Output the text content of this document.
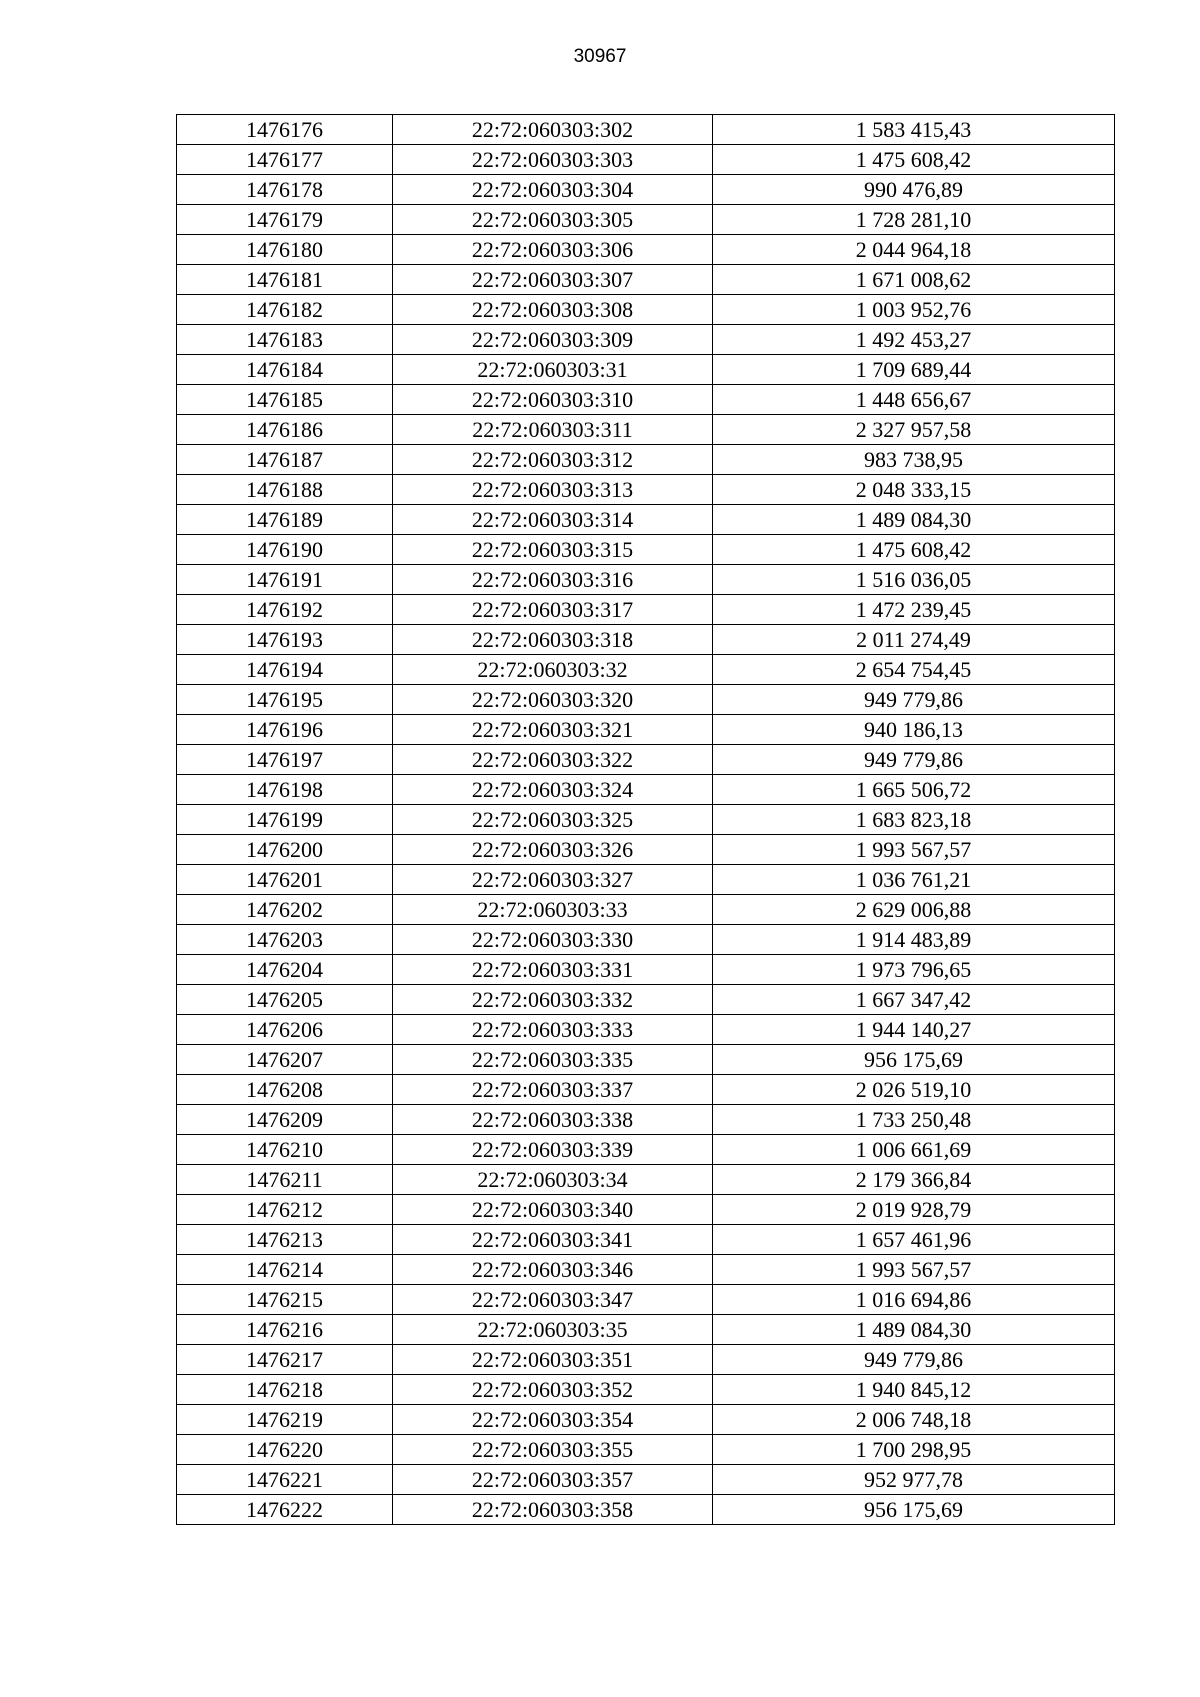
30967
1476176	22:72:060303:302	1 583 415,43
1476177	22:72:060303:303	1 475 608,42
1476178	22:72:060303:304	990 476,89
1476179	22:72:060303:305	1 728 281,10
1476180	22:72:060303:306	2 044 964,18
1476181	22:72:060303:307	1 671 008,62
1476182	22:72:060303:308	1 003 952,76
1476183	22:72:060303:309	1 492 453,27
1476184	22:72:060303:31	1 709 689,44
1476185	22:72:060303:310	1 448 656,67
1476186	22:72:060303:311	2 327 957,58
1476187	22:72:060303:312	983 738,95
1476188	22:72:060303:313	2 048 333,15
1476189	22:72:060303:314	1 489 084,30
1476190	22:72:060303:315	1 475 608,42
1476191	22:72:060303:316	1 516 036,05
1476192	22:72:060303:317	1 472 239,45
1476193	22:72:060303:318	2 011 274,49
1476194	22:72:060303:32	2 654 754,45
1476195	22:72:060303:320	949 779,86
1476196	22:72:060303:321	940 186,13
1476197	22:72:060303:322	949 779,86
1476198	22:72:060303:324	1 665 506,72
1476199	22:72:060303:325	1 683 823,18
1476200	22:72:060303:326	1 993 567,57
1476201	22:72:060303:327	1 036 761,21
1476202	22:72:060303:33	2 629 006,88
1476203	22:72:060303:330	1 914 483,89
1476204	22:72:060303:331	1 973 796,65
1476205	22:72:060303:332	1 667 347,42
1476206	22:72:060303:333	1 944 140,27
1476207	22:72:060303:335	956 175,69
1476208	22:72:060303:337	2 026 519,10
1476209	22:72:060303:338	1 733 250,48
1476210	22:72:060303:339	1 006 661,69
1476211	22:72:060303:34	2 179 366,84
1476212	22:72:060303:340	2 019 928,79
1476213	22:72:060303:341	1 657 461,96
1476214	22:72:060303:346	1 993 567,57
1476215	22:72:060303:347	1 016 694,86
1476216	22:72:060303:35	1 489 084,30
1476217	22:72:060303:351	949 779,86
1476218	22:72:060303:352	1 940 845,12
1476219	22:72:060303:354	2 006 748,18
1476220	22:72:060303:355	1 700 298,95
1476221	22:72:060303:357	952 977,78
1476222	22:72:060303:358	956 175,69
